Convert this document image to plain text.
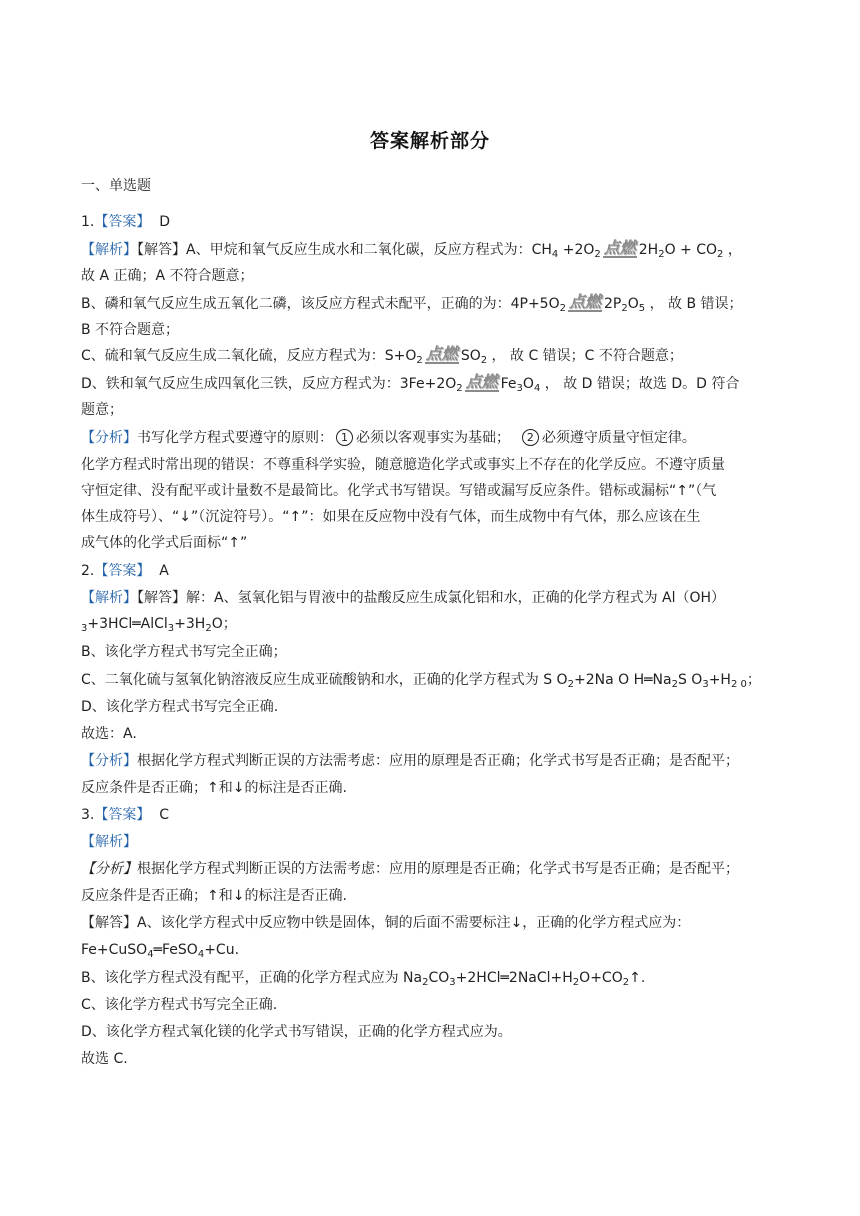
答案解析部分
一、单选题
1.【答案】 D
【解析】【解答】A、甲烷和氧气反应生成水和二氧化碳，反应方程式为：$CH_4 +2O_2$ 点燃 $2H_2O + CO_2$ ，
故 A 正确；A 不符合题意；
B、磷和氧气反应生成五氧化二磷，该反应方程式未配平，正确的为：$4P+5O_2$ 点燃 $2P_2O_5$ ， 故 B 错误；
B 不符合题意；
C、硫和氧气反应生成二氧化硫，反应方程式为：$S+O_2$ 点燃 $SO_2$ ， 故 C 错误；C 不符合题意；
D、铁和氧气反应生成四氧化三铁，反应方程式为：$3Fe+2O_2$ 点燃 $Fe_3O_4$ ， 故 D 错误；故选 D。D 符合
题意；
【分析】书写化学方程式要遵守的原则： 1 必须以客观事实为基础； 2 必须遵守质量守恒定律。
化学方程式时常出现的错误：不尊重科学实验，随意臆造化学式或事实上不存在的化学反应。不遵守质量
守恒定律、没有配平或计量数不是最简比。化学式书写错误。写错或漏写反应条件。错标或漏标“↑”（气
体生成符号）、“↓”（沉淀符号）。“↑”：如果在反应物中没有气体，而生成物中有气体，那么应该在生
成气体的化学式后面标“↑”
2.【答案】 A
【解析】【解答】解：A、氢氧化铝与胃液中的盐酸反应生成氯化铝和水，正确的化学方程式为 Al（OH）
$_3+3HCl═AlCl_3+3H_2O$；
B、该化学方程式书写完全正确；
C、二氧化硫与氢氧化钠溶液反应生成亚硫酸钠和水，正确的化学方程式为 S $O_2+2Na$ O $H═Na_2S$ $O_3+H_{2 0}$；
D、该化学方程式书写完全正确.
故选：A.
【分析】根据化学方程式判断正误的方法需考虑：应用的原理是否正确；化学式书写是否正确；是否配平；
反应条件是否正确；↑和↓的标注是否正确.
3.【答案】 C
【解析】
【分析】根据化学方程式判断正误的方法需考虑：应用的原理是否正确；化学式书写是否正确；是否配平；
反应条件是否正确；↑和↓的标注是否正确.
【解答】A、该化学方程式中反应物中铁是固体，铜的后面不需要标注↓，正确的化学方程式应为：
Fe+CuSO$_4$═FeSO$_4$+Cu.
B、该化学方程式没有配平，正确的化学方程式应为 $Na_2CO_3+2HCl═2NaCl+H_2O+CO_2↑$.
C、该化学方程式书写完全正确.
D、该化学方程式氧化镁的化学式书写错误，正确的化学方程式应为。
故选 C.
